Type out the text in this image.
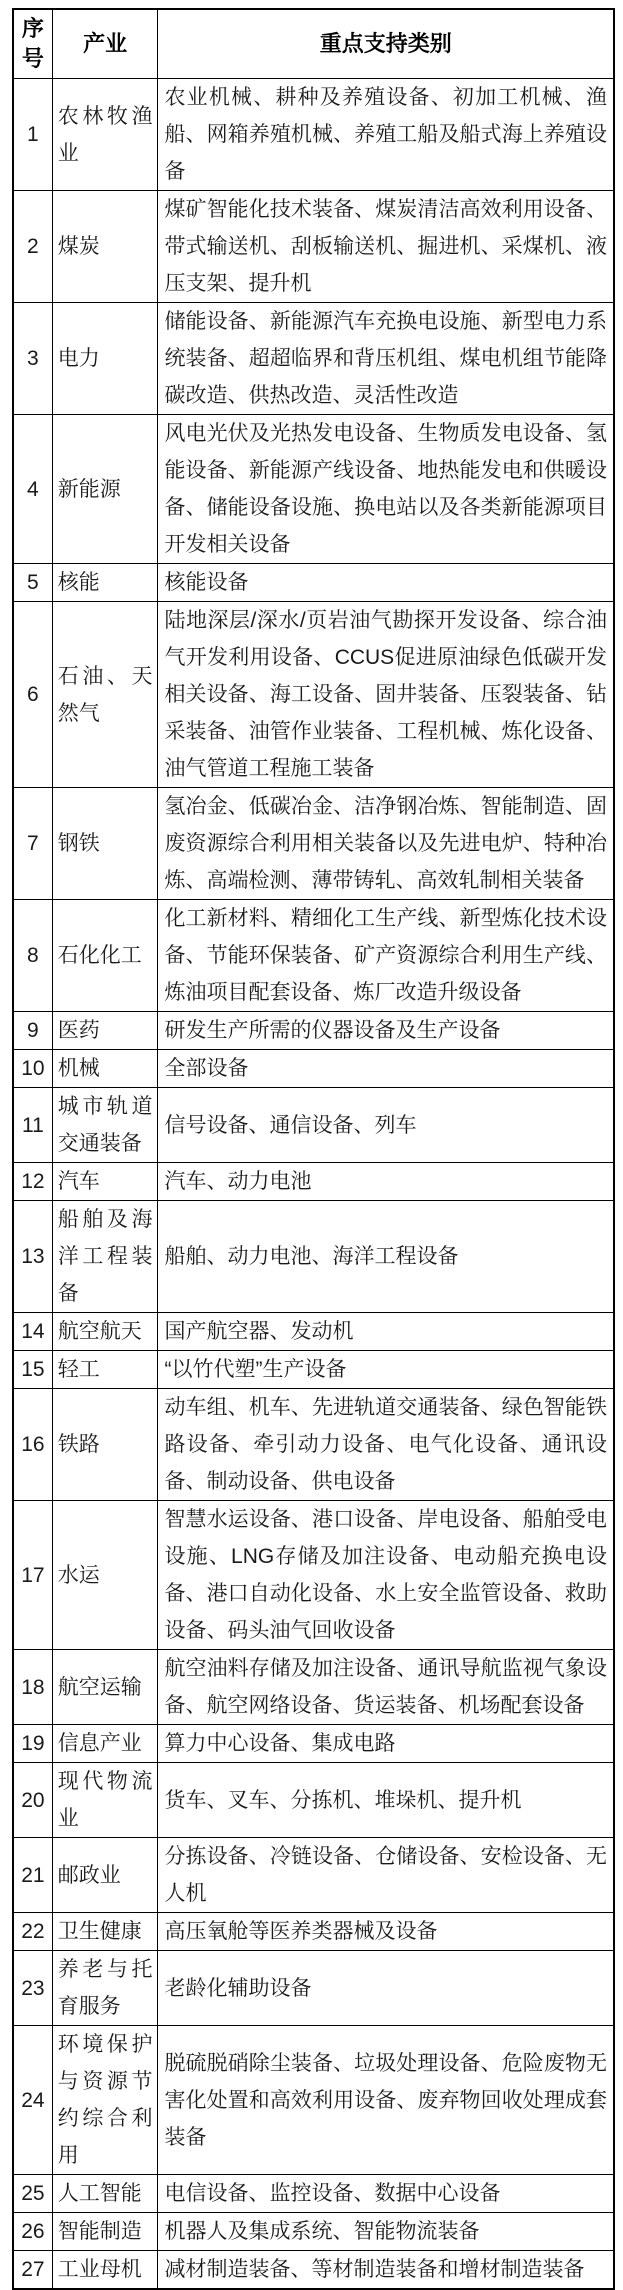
序号	产业	重点支持类别
1	农林牧渔业	农业机械、耕种及养殖设备、初加工机械、渔船、网箱养殖机械、养殖工船及船式海上养殖设备
2	煤炭	煤矿智能化技术装备、煤炭清洁高效利用设备、带式输送机、刮板输送机、掘进机、采煤机、液压支架、提升机
3	电力	储能设备、新能源汽车充换电设施、新型电力系统装备、超超临界和背压机组、煤电机组节能降碳改造、供热改造、灵活性改造
4	新能源	风电光伏及光热发电设备、生物质发电设备、氢能设备、新能源产线设备、地热能发电和供暖设备、储能设备设施、换电站以及各类新能源项目开发相关设备
5	核能	核能设备
6	石油、天然气	陆地深层/深水/页岩油气勘探开发设备、综合油气开发利用设备、CCUS促进原油绿色低碳开发相关设备、海工设备、固井装备、压裂装备、钻采装备、油管作业装备、工程机械、炼化设备、油气管道工程施工装备
7	钢铁	氢冶金、低碳冶金、洁净钢冶炼、智能制造、固废资源综合利用相关装备以及先进电炉、特种冶炼、高端检测、薄带铸轧、高效轧制相关装备
8	石化化工	化工新材料、精细化工生产线、新型炼化技术设备、节能环保装备、矿产资源综合利用生产线、炼油项目配套设备、炼厂改造升级设备
9	医药	研发生产所需的仪器设备及生产设备
10	机械	全部设备
11	城市轨道交通装备	信号设备、通信设备、列车
12	汽车	汽车、动力电池
13	船舶及海洋工程装备	船舶、动力电池、海洋工程设备
14	航空航天	国产航空器、发动机
15	轻工	“以竹代塑”生产设备
16	铁路	动车组、机车、先进轨道交通装备、绿色智能铁路设备、牵引动力设备、电气化设备、通讯设备、制动设备、供电设备
17	水运	智慧水运设备、港口设备、岸电设备、船舶受电设施、LNG存储及加注设备、电动船充换电设备、港口自动化设备、水上安全监管设备、救助设备、码头油气回收设备
18	航空运输	航空油料存储及加注设备、通讯导航监视气象设备、航空网络设备、货运装备、机场配套设备
19	信息产业	算力中心设备、集成电路
20	现代物流业	货车、叉车、分拣机、堆垛机、提升机
21	邮政业	分拣设备、冷链设备、仓储设备、安检设备、无人机
22	卫生健康	高压氧舱等医养类器械及设备
23	养老与托育服务	老龄化辅助设备
24	环境保护与资源节约综合利用	脱硫脱硝除尘装备、垃圾处理设备、危险废物无害化处置和高效利用设备、废弃物回收处理成套装备
25	人工智能	电信设备、监控设备、数据中心设备
26	智能制造	机器人及集成系统、智能物流装备
27	工业母机	减材制造装备、等材制造装备和增材制造装备
